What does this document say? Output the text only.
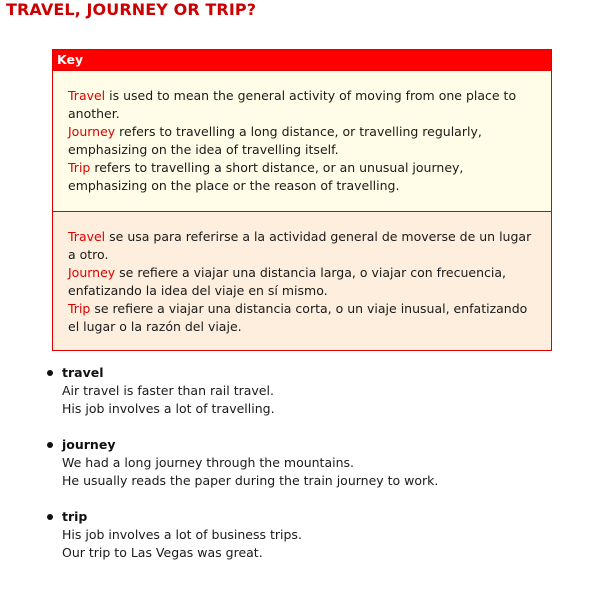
TRAVEL, JOURNEY OR TRIP?
Key
Travel is used to mean the general activity of moving from one place to another.
Journey refers to travelling a long distance, or travelling regularly, emphasizing on the idea of travelling itself.
Trip refers to travelling a short distance, or an unusual journey, emphasizing on the place or the reason of travelling.
Travel se usa para referirse a la actividad general de moverse de un lugar a otro.
Journey se refiere a viajar una distancia larga, o viajar con frecuencia, enfatizando la idea del viaje en sí mismo.
Trip se refiere a viajar una distancia corta, o un viaje inusual, enfatizando el lugar o la razón del viaje.
travel
Air travel is faster than rail travel.
His job involves a lot of travelling.
journey
We had a long journey through the mountains.
He usually reads the paper during the train journey to work.
trip
His job involves a lot of business trips.
Our trip to Las Vegas was great.
